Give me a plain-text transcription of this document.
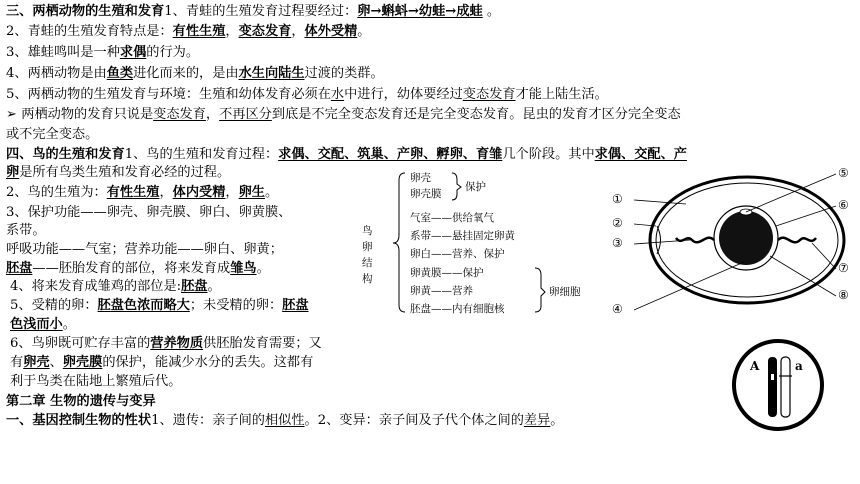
三、两栖动物的生殖和发育1、青蛙的生殖发育过程要经过：卵→蝌蚪→幼蛙→成蛙 。
2、青蛙的生殖发育特点是：有性生殖，变态发育，体外受精。
3、雄蛙鸣叫是一种求偶的行为。
4、两栖动物是由鱼类进化而来的，是由水生向陆生过渡的类群。
5、两栖动物的生殖发育与环境：生殖和幼体发育必须在水中进行，幼体要经过变态发育才能上陆生活。
➢ 两栖动物的发育只说是变态发育，不再区分到底是不完全变态发育还是完全变态发育。昆虫的发育才区分完全变态
或不完全变态。
四、鸟的生殖和发育1、鸟的生殖和发育过程：求偶、交配、筑巢、产卵、孵卵、育雏几个阶段。其中求偶、交配、产
卵是所有鸟类生殖和发育必经的过程。
2、鸟的生殖为：有性生殖，体内受精，卵生。
3、保护功能——卵壳、卵壳膜、卵白、卵黄膜、
系带。
呼吸功能——气室；营养功能——卵白、卵黄；
胚盘——胚胎发育的部位，将来发育成雏鸟。
4、将来发育成雏鸡的部位是:胚盘。
5、受精的卵：胚盘色浓而略大；未受精的卵：胚盘
色浅而小。
6、鸟卵既可贮存丰富的营养物质供胚胎发育需要；又
有卵壳、卵壳膜的保护，能减少水分的丢失。这都有
利于鸟类在陆地上繁殖后代。
第二章 生物的遗传与变异
一、基因控制生物的性状1、遗传：亲子间的相似性。2、变异：亲子间及子代个体之间的差异。
鸟卵结构
卵壳
卵壳膜
保护
气室——供给氧气
系带——悬挂固定卵黄
卵白——营养、保护
卵黄膜——保护
卵黄——营养
胚盘——内有细胞核
卵细胞
①
②
③
④
⑤
⑥
⑦
⑧
A	a
